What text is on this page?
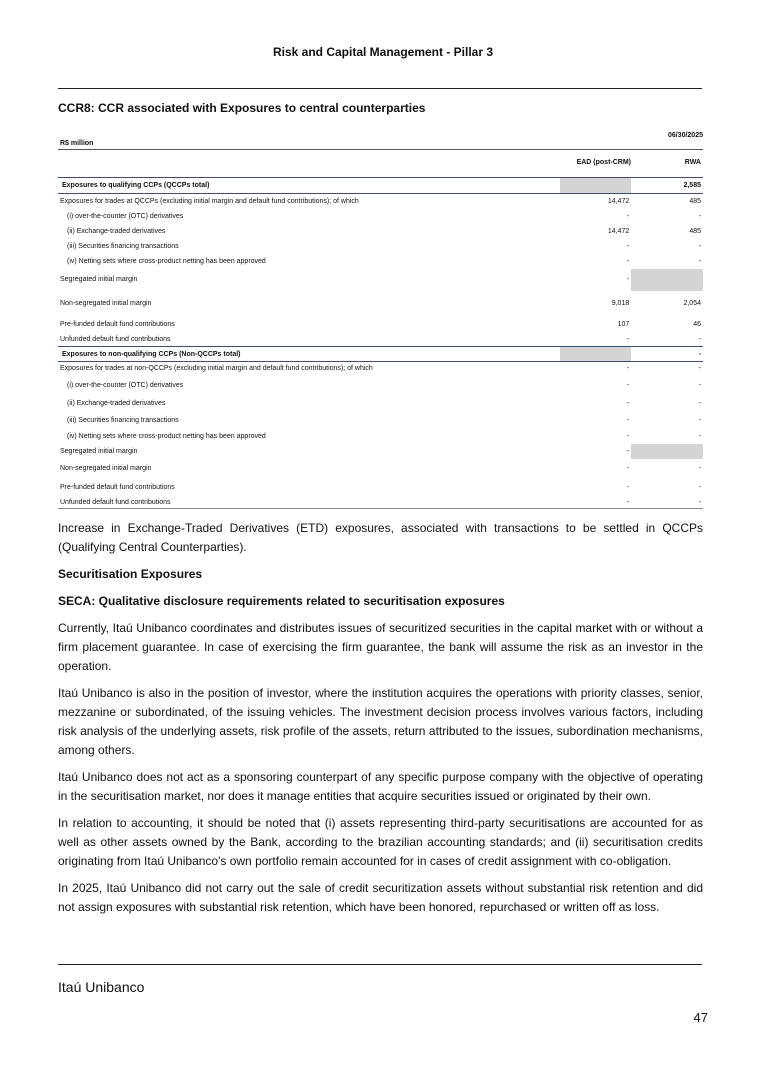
Risk and Capital Management - Pillar 3
CCR8: CCR associated with Exposures to central counterparties
06/30/2025
R$ million
EAD (post-CRM)	RWA
Exposures to qualifying CCPs (QCCPs total)		2,585
Exposures for trades at QCCPs (excluding initial margin and default fund contributions); of which	14,472	485
(i) over-the-counter (OTC) derivatives	-	-
(ii) Exchange-traded derivatives	14,472	485
(iii) Securities financing transactions	-	-
(iv) Netting sets where cross-product netting has been approved	-	-
Segregated initial margin	-	
Non-segregated initial margin	9,018	2,054
Pre-funded default fund contributions	107	46
Unfunded default fund contributions	-	-
Exposures to non-qualifying CCPs (Non-QCCPs total)		-
Exposures for trades at non-QCCPs (excluding initial margin and default fund contributions); of which	-	-
(i) over-the-counter (OTC) derivatives	-	-
(ii) Exchange-traded derivatives	-	-
(iii) Securities financing transactions	-	-
(iv) Netting sets where cross-product netting has been approved	-	-
Segregated initial margin	-	
Non-segregated initial margin	-	-
Pre-funded default fund contributions	-	-
Unfunded default fund contributions	-	-

Increase in Exchange-Traded Derivatives (ETD) exposures, associated with transactions to be settled in QCCPs (Qualifying Central Counterparties).

Securitisation Exposures

SECA: Qualitative disclosure requirements related to securitisation exposures

Currently, Itaú Unibanco coordinates and distributes issues of securitized securities in the capital market with or without a firm placement guarantee. In case of exercising the firm guarantee, the bank will assume the risk as an investor in the operation.

Itaú Unibanco is also in the position of investor, where the institution acquires the operations with priority classes, senior, mezzanine or subordinated, of the issuing vehicles. The investment decision process involves various factors, including risk analysis of the underlying assets, risk profile of the assets, return attributed to the issues, subordination mechanisms, among others.

Itaú Unibanco does not act as a sponsoring counterpart of any specific purpose company with the objective of operating in the securitisation market, nor does it manage entities that acquire securities issued or originated by their own.

In relation to accounting, it should be noted that (i) assets representing third-party securitisations are accounted for as well as other assets owned by the Bank, according to the brazilian accounting standards; and (ii) securitisation credits originating from Itaú Unibanco's own portfolio remain accounted for in cases of credit assignment with co-obligation.

In 2025, Itaú Unibanco did not carry out the sale of credit securitization assets without substantial risk retention and did not assign exposures with substantial risk retention, which have been honored, repurchased or written off as loss.

Itaú Unibanco
47
